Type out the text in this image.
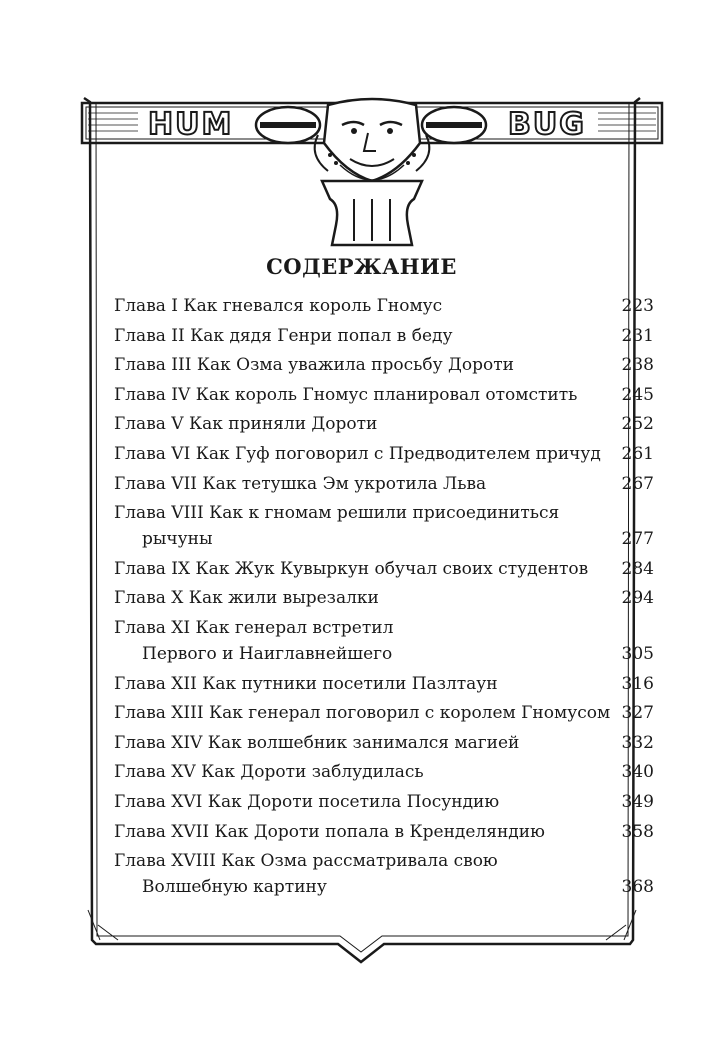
HUM	BUG
СОДЕРЖАНИЕ
Глава I Как гневался король Гномус	223
Глава II Как дядя Генри попал в беду	231
Глава III Как Озма уважила просьбу Дороти	238
Глава IV Как король Гномус планировал отомстить	245
Глава V Как приняли Дороти	252
Глава VI Как Гуф поговорил с Предводителем причуд 261
Глава VII Как тетушка Эм укротила Льва	267
Глава VIII Как к гномам решили присоединиться
рычуны	277
Глава IX Как Жук Кувыркун обучал своих студентов 284
Глава X Как жили вырезалки	294
Глава XI Как генерал встретил
Первого и Наиглавнейшего	305
Глава XII Как путники посетили Пазлтаун	316
Глава XIII Как генерал поговорил с королем Гномусом 327
Глава XIV Как волшебник занимался магией	332
Глава XV Как Дороти заблудилась	340
Глава XVI Как Дороти посетила Посундию	349
Глава XVII Как Дороти попала в Кренделяндию	358
Глава XVIII Как Озма рассматривала свою
Волшебную картину	368
